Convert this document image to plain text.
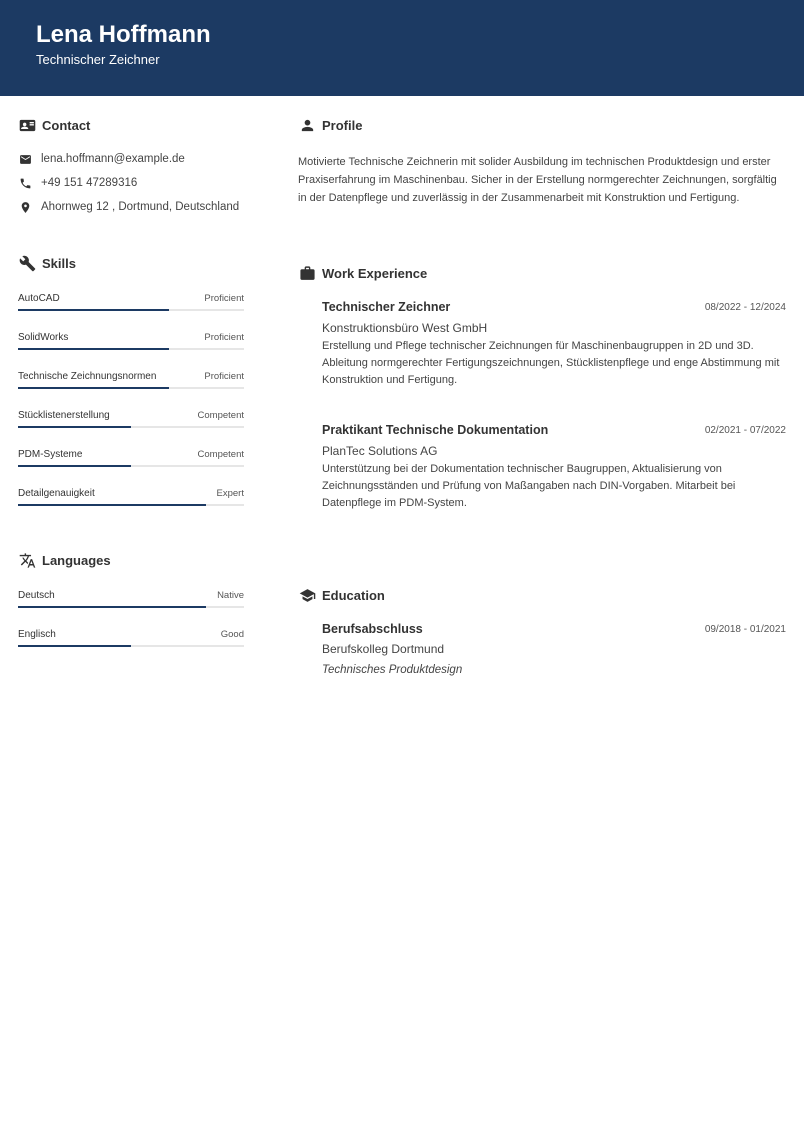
Lena Hoffmann
Technischer Zeichner
Contact
lena.hoffmann@example.de
+49 151 47289316
Ahornweg 12 , Dortmund, Deutschland
Skills
AutoCAD	Proficient
SolidWorks	Proficient
Technische Zeichnungsnormen	Proficient
Stücklistenerstellung	Competent
PDM-Systeme	Competent
Detailgenauigkeit	Expert
Languages
Deutsch	Native
Englisch	Good
Profile
Motivierte Technische Zeichnerin mit solider Ausbildung im technischen Produktdesign und erster Praxiserfahrung im Maschinenbau. Sicher in der Erstellung normgerechter Zeichnungen, sorgfältig in der Datenpflege und zuverlässig in der Zusammenarbeit mit Konstruktion und Fertigung.
Work Experience
Technischer Zeichner	08/2022 - 12/2024
Konstruktionsbüro West GmbH
Erstellung und Pflege technischer Zeichnungen für Maschinenbaugruppen in 2D und 3D. Ableitung normgerechter Fertigungszeichnungen, Stücklistenpflege und enge Abstimmung mit Konstruktion und Fertigung.
Praktikant Technische Dokumentation	02/2021 - 07/2022
PlanTec Solutions AG
Unterstützung bei der Dokumentation technischer Baugruppen, Aktualisierung von Zeichnungsständen und Prüfung von Maßangaben nach DIN-Vorgaben. Mitarbeit bei Datenpflege im PDM-System.
Education
Berufsabschluss	09/2018 - 01/2021
Berufskolleg Dortmund
Technisches Produktdesign
